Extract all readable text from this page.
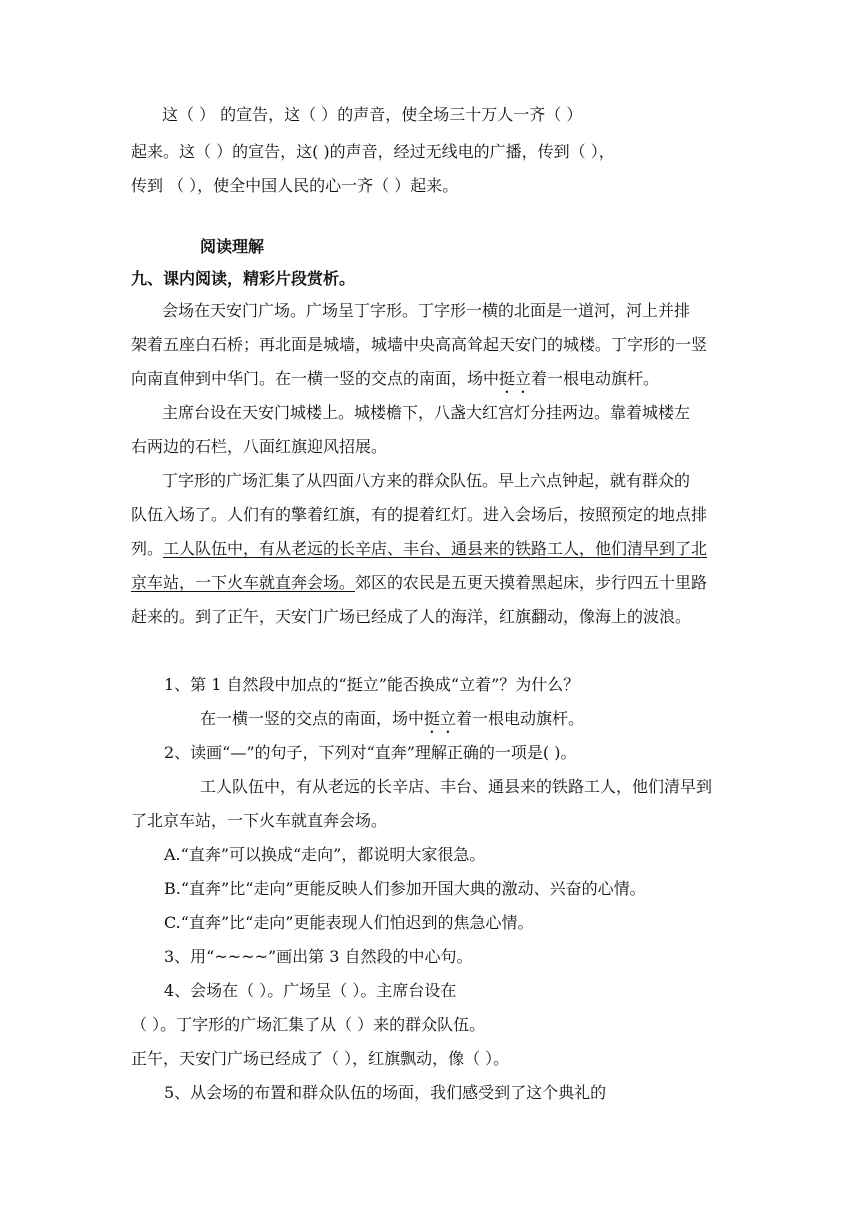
这（ ） 的宣告，这（ ）的声音，使全场三十万人一齐（ ）
起来。这（ ）的宣告，这( )的声音，经过无线电的广播，传到（ ），
传到 （ ），使全中国人民的心一齐（ ）起来。
阅读理解
九、课内阅读，精彩片段赏析。
会场在天安门广场。广场呈丁字形。丁字形一横的北面是一道河，河上并排
架着五座白石桥；再北面是城墙，城墙中央高高耸起天安门的城楼。丁字形的一竖
向南直伸到中华门。在一横一竖的交点的南面，场中挺立着一根电动旗杆。
主席台设在天安门城楼上。城楼檐下，八盏大红宫灯分挂两边。靠着城楼左
右两边的石栏，八面红旗迎风招展。
丁字形的广场汇集了从四面八方来的群众队伍。早上六点钟起，就有群众的
队伍入场了。人们有的擎着红旗，有的提着红灯。进入会场后，按照预定的地点排
列。工人队伍中，有从老远的长辛店、丰台、通县来的铁路工人，他们清早到了北
京车站，一下火车就直奔会场。郊区的农民是五更天摸着黑起床，步行四五十里路
赶来的。到了正午，天安门广场已经成了人的海洋，红旗翻动，像海上的波浪。
1、第 1 自然段中加点的“挺立”能否换成“立着”？为什么？
在一横一竖的交点的南面，场中挺立着一根电动旗杆。
2、读画“—”的句子，下列对“直奔”理解正确的一项是( )。
工人队伍中，有从老远的长辛店、丰台、通县来的铁路工人，他们清早到
了北京车站，一下火车就直奔会场。
A.“直奔”可以换成“走向”，都说明大家很急。
B.“直奔”比“走向”更能反映人们参加开国大典的激动、兴奋的心情。
C.“直奔”比“走向”更能表现人们怕迟到的焦急心情。
3、用“~~~~”画出第 3 自然段的中心句。
4、会场在（ ）。广场呈（ ）。主席台设在
（ ）。丁字形的广场汇集了从（ ）来的群众队伍。
正午，天安门广场已经成了（ ），红旗飘动，像（ ）。
5、从会场的布置和群众队伍的场面，我们感受到了这个典礼的
